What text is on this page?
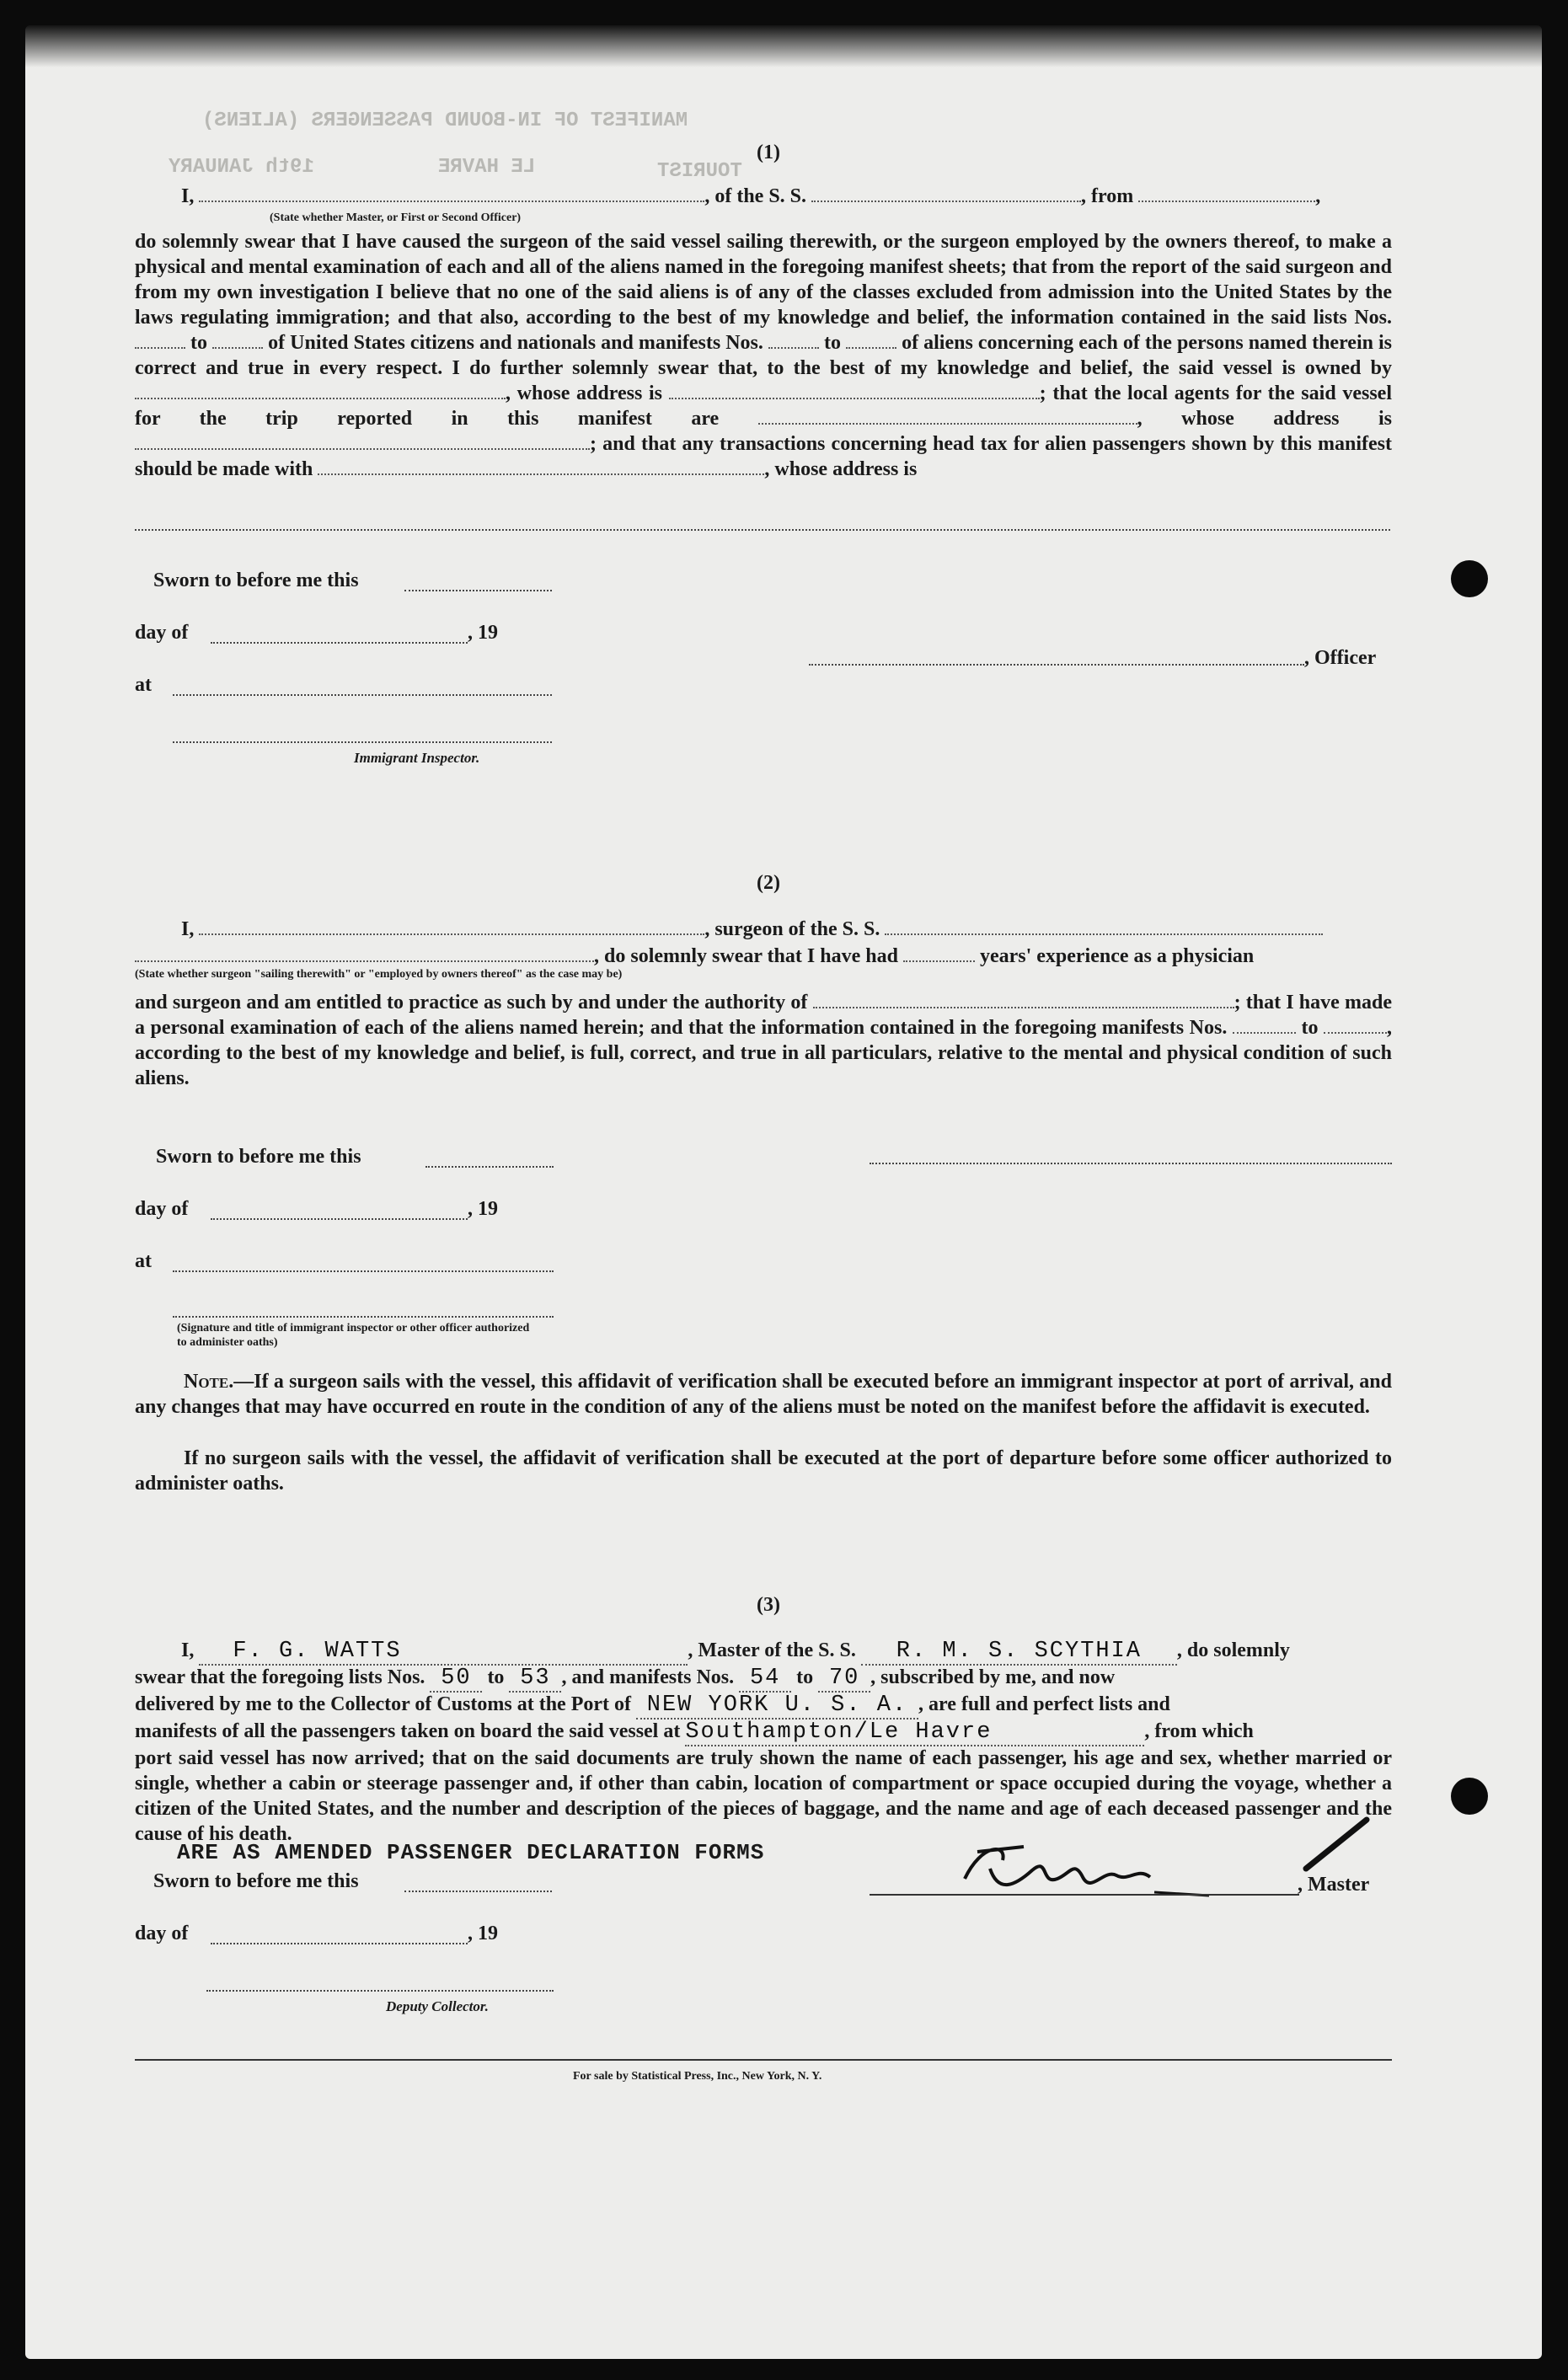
MANIFEST OF IN-BOUND PASSENGERS (ALIENS)
19th JANUARY	LE HAVRE	TOURIST
(1)
I,	, of the S. S.	, from	,
(State whether Master, or First or Second Officer)
do solemnly swear that I have caused the surgeon of the said vessel sailing therewith, or the surgeon employed by the owners thereof, to make a physical and mental examination of each and all of the aliens named in the foregoing manifest sheets; that from the report of the said surgeon and from my own investigation I believe that no one of the said aliens is of any of the classes excluded from admission into the United States by the laws regulating immigration; and that also, according to the best of my knowledge and belief, the information contained in the said lists Nos.  to	of United States citizens and nationals and manifests Nos.	to	of aliens concerning each of the persons named therein is correct and true in every respect. I do further solemnly swear that, to the best of my knowledge and belief, the said vessel is owned by , whose address is	; that the local agents for the said vessel for the trip reported in this manifest are	, whose address is ; and that any transactions concerning head tax for alien passengers shown by this manifest should be made with	, whose address is
Sworn to before me this
day of	, 19
at
Immigrant Inspector.
, Officer
(2)
I,	, surgeon of the S. S.
, do solemnly swear that I have had	years' experience as a physician
(State whether surgeon "sailing therewith" or "employed by owners thereof" as the case may be)
and surgeon and am entitled to practice as such by and under the authority of	; that I have made a personal examination of each of the aliens named herein; and that the information contained in the foregoing manifests Nos.	to	, according to the best of my knowledge and belief, is full, correct, and true in all particulars, relative to the mental and physical condition of such aliens.
Sworn to before me this
day of	, 19
at
(Signature and title of immigrant inspector or other officer authorized to administer oaths)
Note.—If a surgeon sails with the vessel, this affidavit of verification shall be executed before an immigrant inspector at port of arrival, and any changes that may have occurred en route in the condition of any of the aliens must be noted on the manifest before the affidavit is executed.
If no surgeon sails with the vessel, the affidavit of verification shall be executed at the port of departure before some officer authorized to administer oaths.
(3)
I, F. G. WATTS	, Master of the S. S. R. M. S. SCYTHIA , do solemnly
swear that the foregoing lists Nos. 50 to 53 , and manifests Nos. 54 to 70 , subscribed by me, and now
delivered by me to the Collector of Customs at the Port of NEW YORK U. S. A. , are full and perfect lists and
manifests of all the passengers taken on board the said vessel at Southampton/Le Havre	, from which
port said vessel has now arrived; that on the said documents are truly shown the name of each passenger, his age and sex, whether married or single, whether a cabin or steerage passenger and, if other than cabin, location of compartment or space occupied during the voyage, whether a citizen of the United States, and the number and description of the pieces of baggage, and the name and age of each deceased passenger and the cause of his death.
ARE AS AMENDED PASSENGER DECLARATION FORMS
Sworn to before me this	, Master
day of	, 19
Deputy Collector.
For sale by Statistical Press, Inc., New York, N. Y.
